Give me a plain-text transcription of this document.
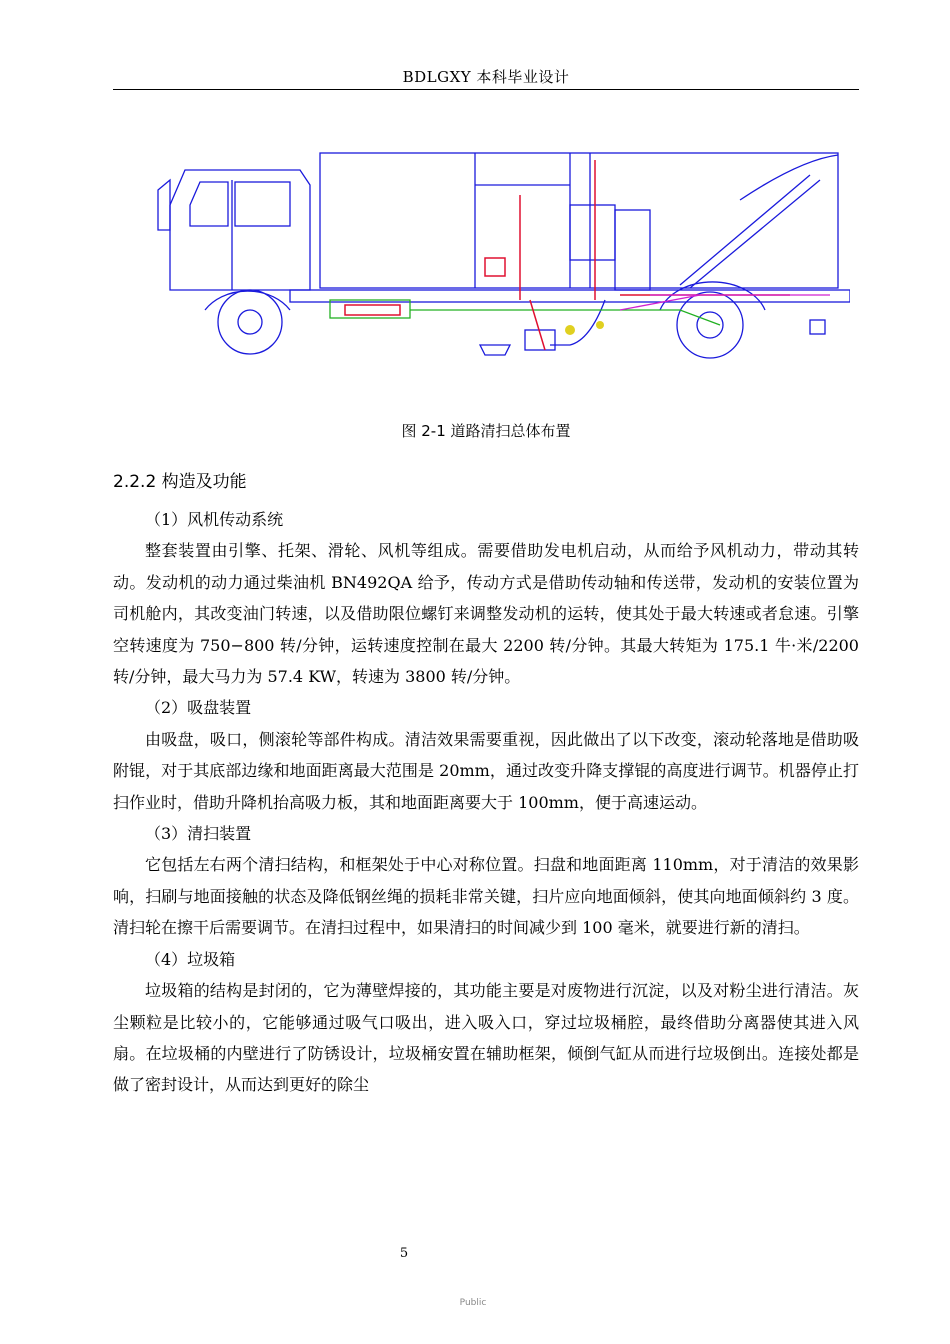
BDLGXY 本科毕业设计
图 2-1 道路清扫总体布置
2.2.2 构造及功能

（1）风机传动系统

整套装置由引擎、托架、滑轮、风机等组成。需要借助发电机启动，从而给予风机动力，带动其转动。发动机的动力通过柴油机 BN492QA 给予，传动方式是借助传动轴和传送带，发动机的安装位置为司机舱内，其改变油门转速，以及借助限位螺钉来调整发动机的运转，使其处于最大转速或者怠速。引擎空转速度为 750−800 转/分钟，运转速度控制在最大 2200 转/分钟。其最大转矩为 175.1 牛·米/2200 转/分钟，最大马力为 57.4 KW，转速为 3800 转/分钟。

（2）吸盘装置

由吸盘，吸口，侧滚轮等部件构成。清洁效果需要重视，因此做出了以下改变，滚动轮落地是借助吸附锟，对于其底部边缘和地面距离最大范围是 20mm，通过改变升降支撑锟的高度进行调节。机器停止打扫作业时，借助升降机抬高吸力板，其和地面距离要大于 100mm，便于高速运动。

（3）清扫装置

它包括左右两个清扫结构，和框架处于中心对称位置。扫盘和地面距离 110mm，对于清洁的效果影响，扫刷与地面接触的状态及降低钢丝绳的损耗非常关键，扫片应向地面倾斜，使其向地面倾斜约 3 度。清扫轮在擦干后需要调节。在清扫过程中，如果清扫的时间减少到 100 毫米，就要进行新的清扫。

（4）垃圾箱

垃圾箱的结构是封闭的，它为薄壁焊接的，其功能主要是对废物进行沉淀，以及对粉尘进行清洁。灰尘颗粒是比较小的，它能够通过吸气口吸出，进入吸入口，穿过垃圾桶腔，最终借助分离器使其进入风扇。在垃圾桶的内壁进行了防锈设计，垃圾桶安置在辅助框架，倾倒气缸从而进行垃圾倒出。连接处都是做了密封设计，从而达到更好的除尘

5
Public
